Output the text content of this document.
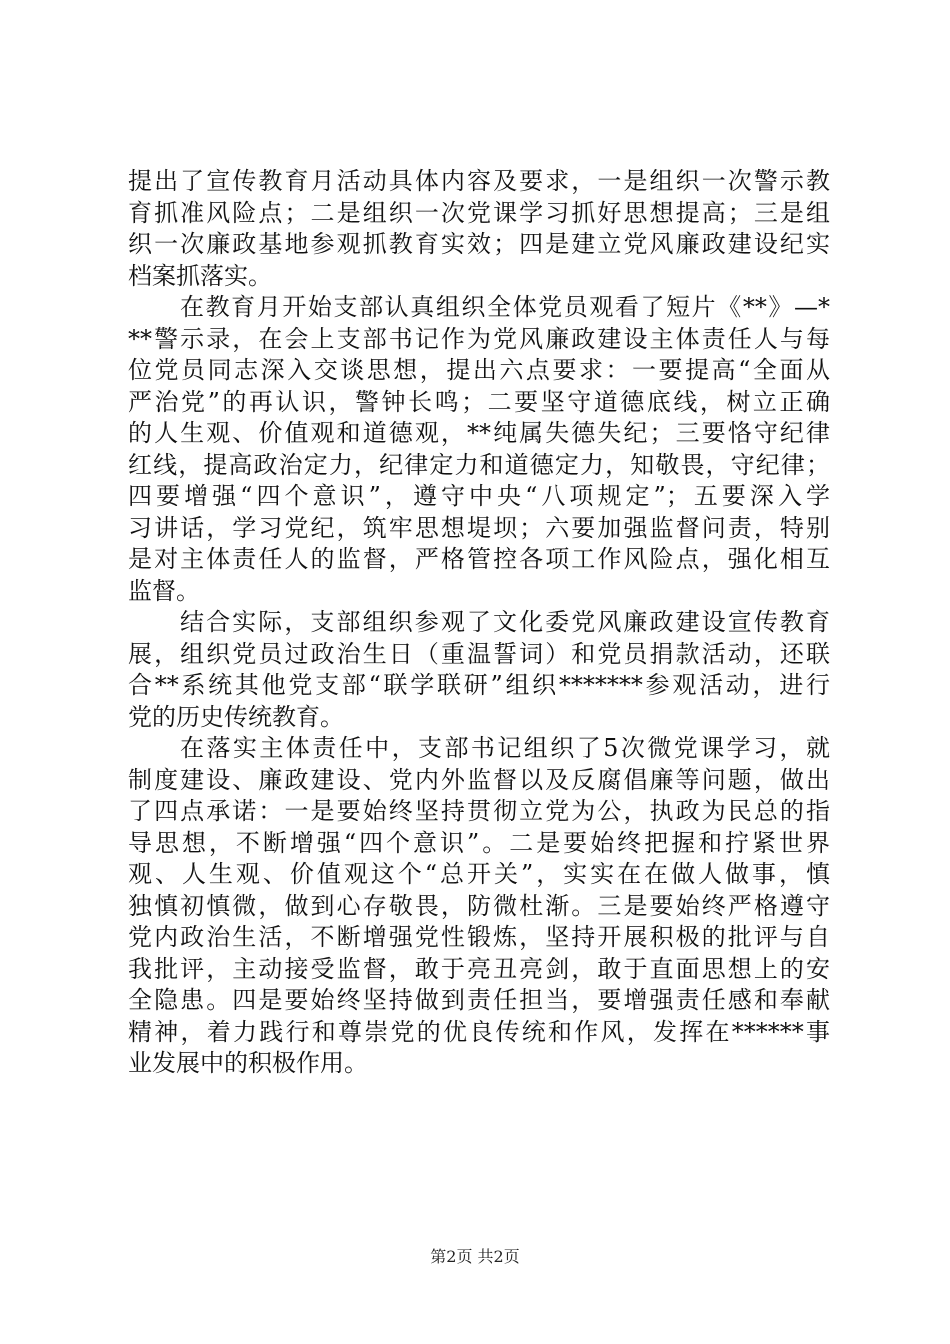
提出了宣传教育月活动具体内容及要求，一是组织一次警示教
育抓准风险点；二是组织一次党课学习抓好思想提高；三是组
织一次廉政基地参观抓教育实效；四是建立党风廉政建设纪实
档案抓落实。
在教育月开始支部认真组织全体党员观看了短片《**》—*
**警示录，在会上支部书记作为党风廉政建设主体责任人与每
位党员同志深入交谈思想，提出六点要求：一要提高“全面从
严治党”的再认识，警钟长鸣；二要坚守道德底线，树立正确
的人生观、价值观和道德观，**纯属失德失纪；三要恪守纪律
红线，提高政治定力，纪律定力和道德定力，知敬畏，守纪律；
四要增强“四个意识”，遵守中央“八项规定”；五要深入学
习讲话，学习党纪，筑牢思想堤坝；六要加强监督问责，特别
是对主体责任人的监督，严格管控各项工作风险点，强化相互
监督。
结合实际，支部组织参观了文化委党风廉政建设宣传教育
展，组织党员过政治生日（重温誓词）和党员捐款活动，还联
合**系统其他党支部“联学联研”组织*******参观活动，进行
党的历史传统教育。
在落实主体责任中，支部书记组织了5次微党课学习，就
制度建设、廉政建设、党内外监督以及反腐倡廉等问题，做出
了四点承诺：一是要始终坚持贯彻立党为公，执政为民总的指
导思想，不断增强“四个意识”。二是要始终把握和拧紧世界
观、人生观、价值观这个“总开关”，实实在在做人做事，慎
独慎初慎微，做到心存敬畏，防微杜渐。三是要始终严格遵守
党内政治生活，不断增强党性锻炼，坚持开展积极的批评与自
我批评，主动接受监督，敢于亮丑亮剑，敢于直面思想上的安
全隐患。四是要始终坚持做到责任担当，要增强责任感和奉献
精神，着力践行和尊崇党的优良传统和作风，发挥在******事
业发展中的积极作用。
第2页 共2页
